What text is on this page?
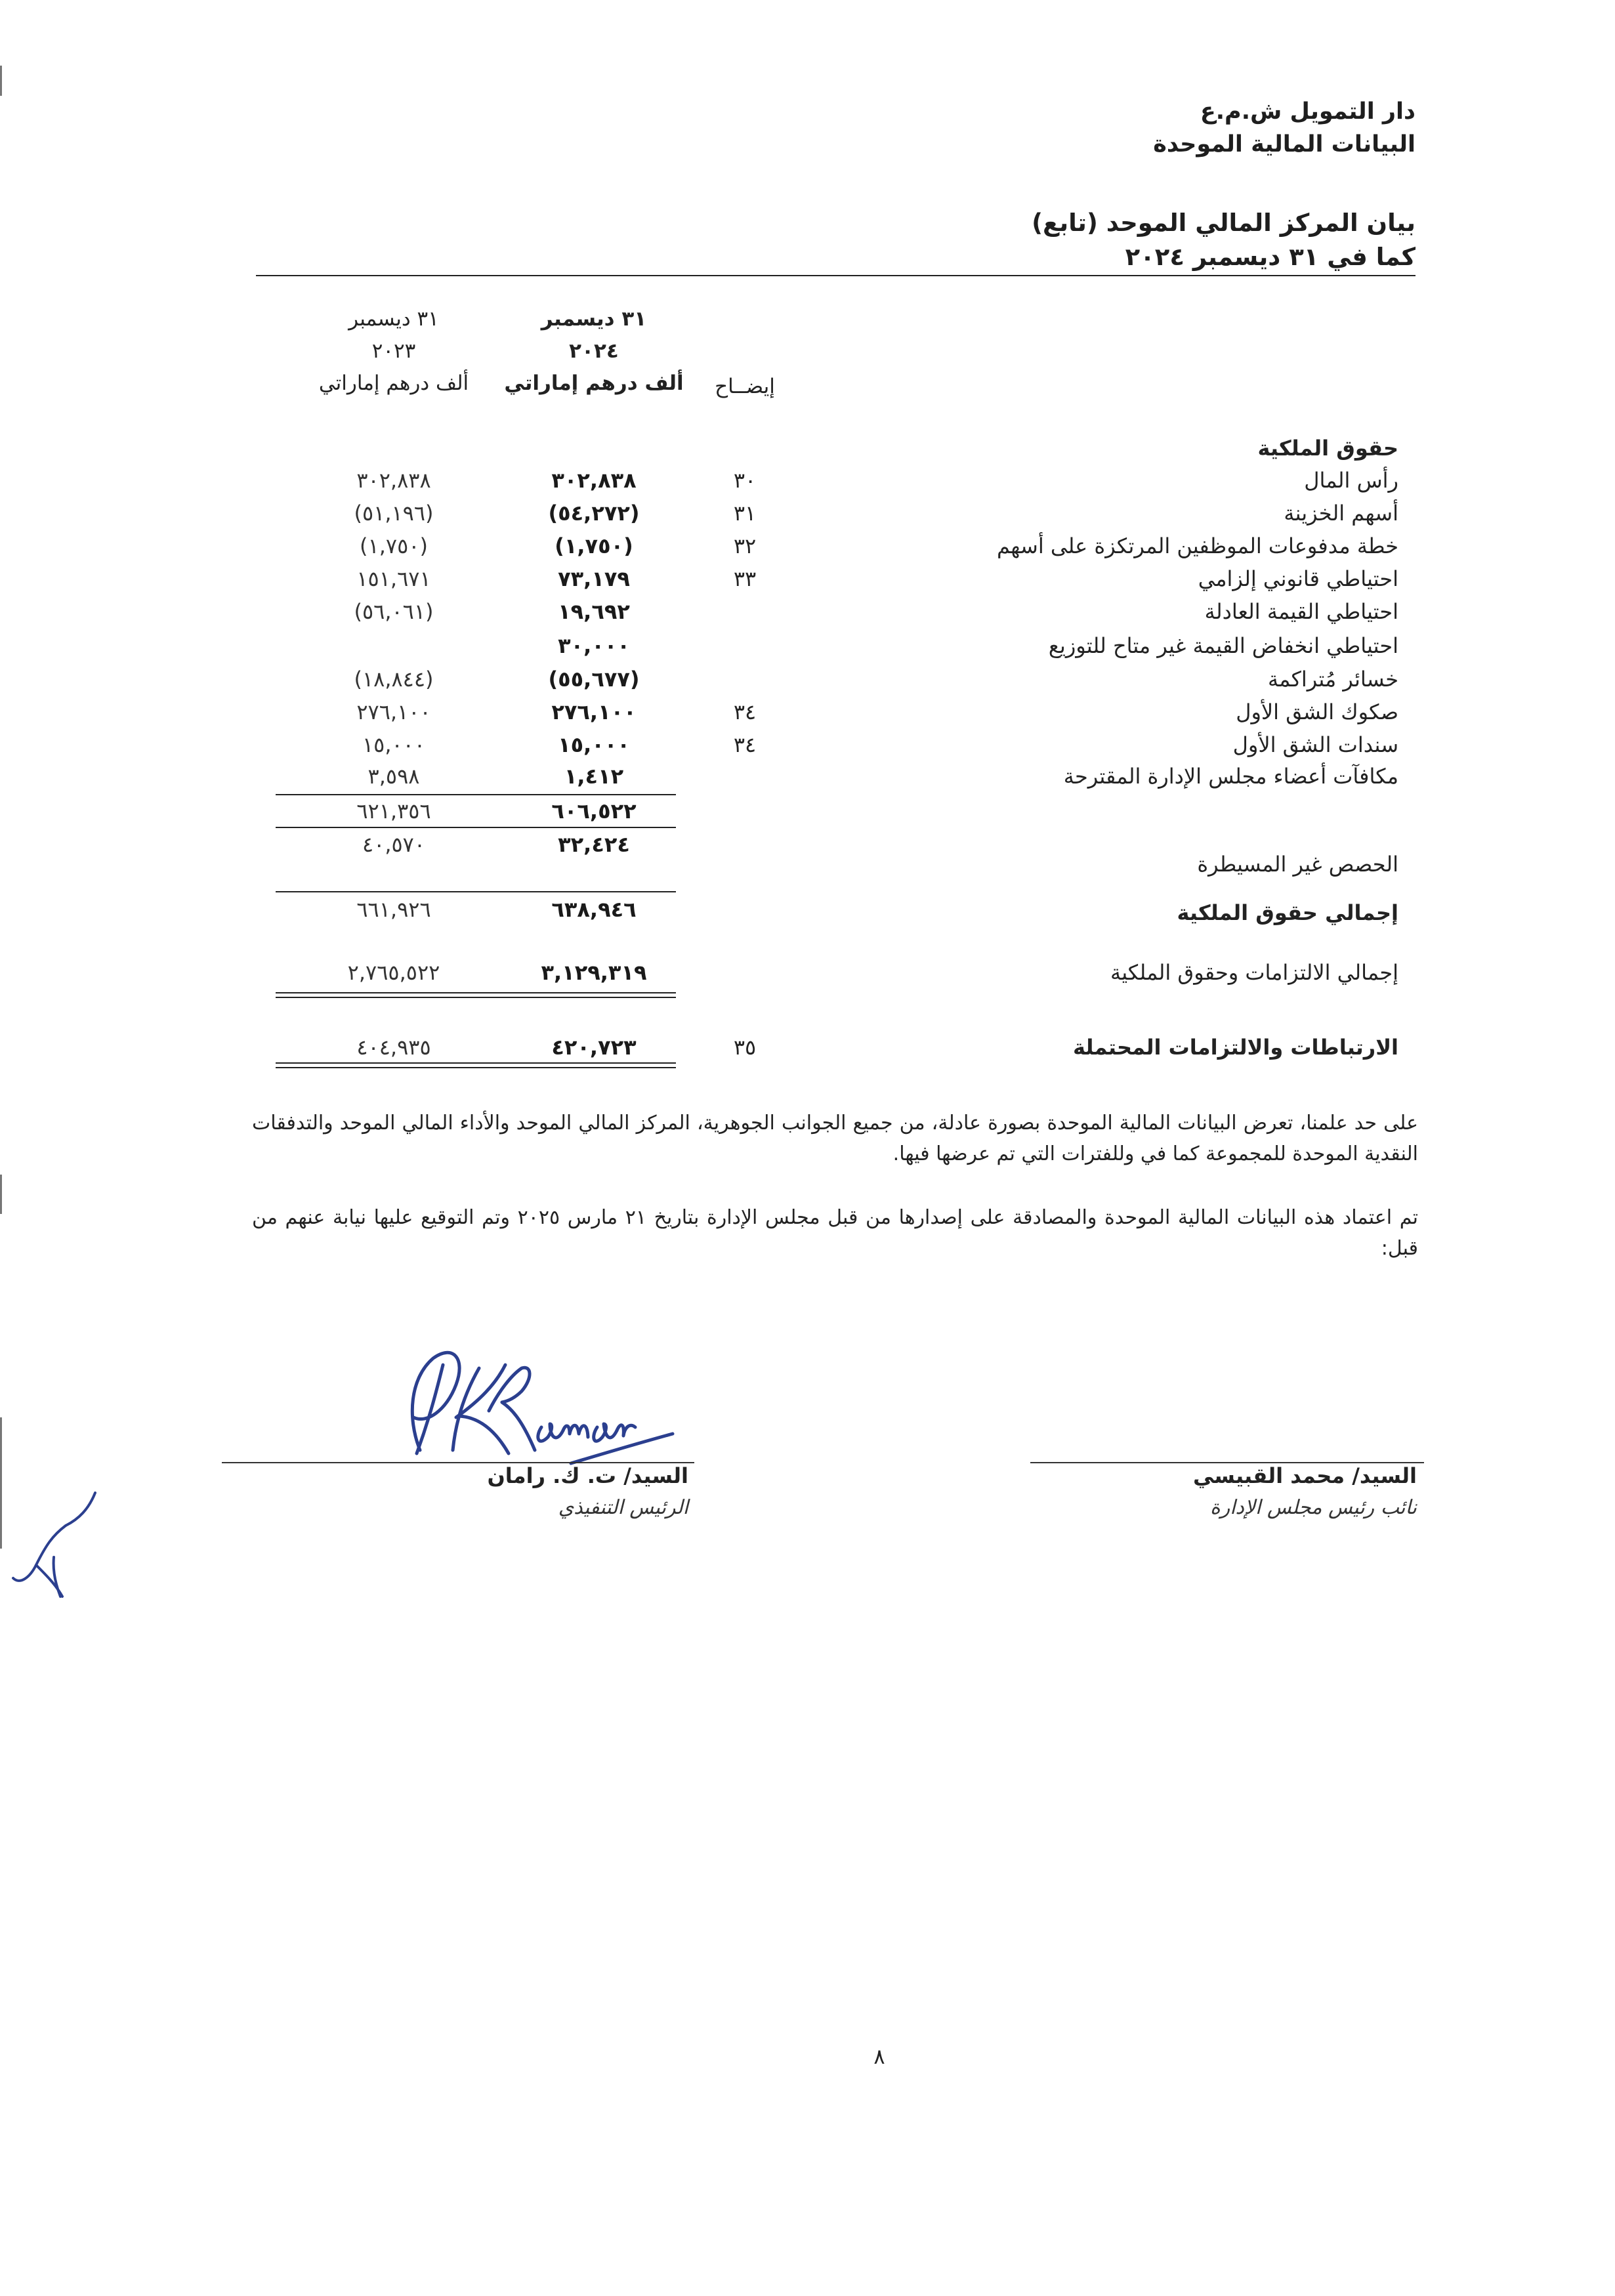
دار التمويل ش.م.ع
البيانات المالية الموحدة
بيان المركز المالي الموحد (تابع)
كما في ٣١ ديسمبر ٢٠٢٤
إيضــاح
٣١ ديسمبر
٢٠٢٤
ألف درهم إماراتي
٣١ ديسمبر
٢٠٢٣
ألف درهم إماراتي
حقوق الملكية
رأس المال
٣٠
٣٠٢,٨٣٨
٣٠٢,٨٣٨
أسهم الخزينة
٣١
(٥٤,٢٧٢)
(٥١,١٩٦)
خطة مدفوعات الموظفين المرتكزة على أسهم
٣٢
(١,٧٥٠)
(١,٧٥٠)
احتياطي قانوني إلزامي
٣٣
٧٣,١٧٩
١٥١,٦٧١
احتياطي القيمة العادلة
١٩,٦٩٢
(٥٦,٠٦١)
احتياطي انخفاض القيمة غير متاح للتوزيع
٣٠,٠٠٠
خسائر مُتراكمة
(٥٥,٦٧٧)
(١٨,٨٤٤)
صكوك الشق الأول
٣٤
٢٧٦,١٠٠
٢٧٦,١٠٠
سندات الشق الأول
٣٤
١٥,٠٠٠
١٥,٠٠٠
مكافآت أعضاء مجلس الإدارة المقترحة
١,٤١٢
٣,٥٩٨
٦٠٦,٥٢٢
٦٢١,٣٥٦
٣٢,٤٢٤
٤٠,٥٧٠
الحصص غير المسيطرة
٦٣٨,٩٤٦
٦٦١,٩٢٦	إجمالي حقوق الملكية
إجمالي الالتزامات وحقوق الملكية
٣,١٢٩,٣١٩
٢,٧٦٥,٥٢٢
الارتباطات والالتزامات المحتملة
٣٥
٤٢٠,٧٢٣
٤٠٤,٩٣٥
على حد علمنا، تعرض البيانات المالية الموحدة بصورة عادلة، من جميع الجوانب الجوهرية، المركز المالي الموحد والأداء المالي الموحد والتدفقات النقدية الموحدة للمجموعة كما في وللفترات التي تم عرضها فيها.
تم اعتماد هذه البيانات المالية الموحدة والمصادقة على إصدارها من قبل مجلس الإدارة بتاريخ ٢١ مارس ٢٠٢٥ وتم التوقيع عليها نيابة عنهم من قبل:
السيد/ محمد القبيسي
نائب رئيس مجلس الإدارة
السيد/ ت. ك. رامان
الرئيس التنفيذي
٨
